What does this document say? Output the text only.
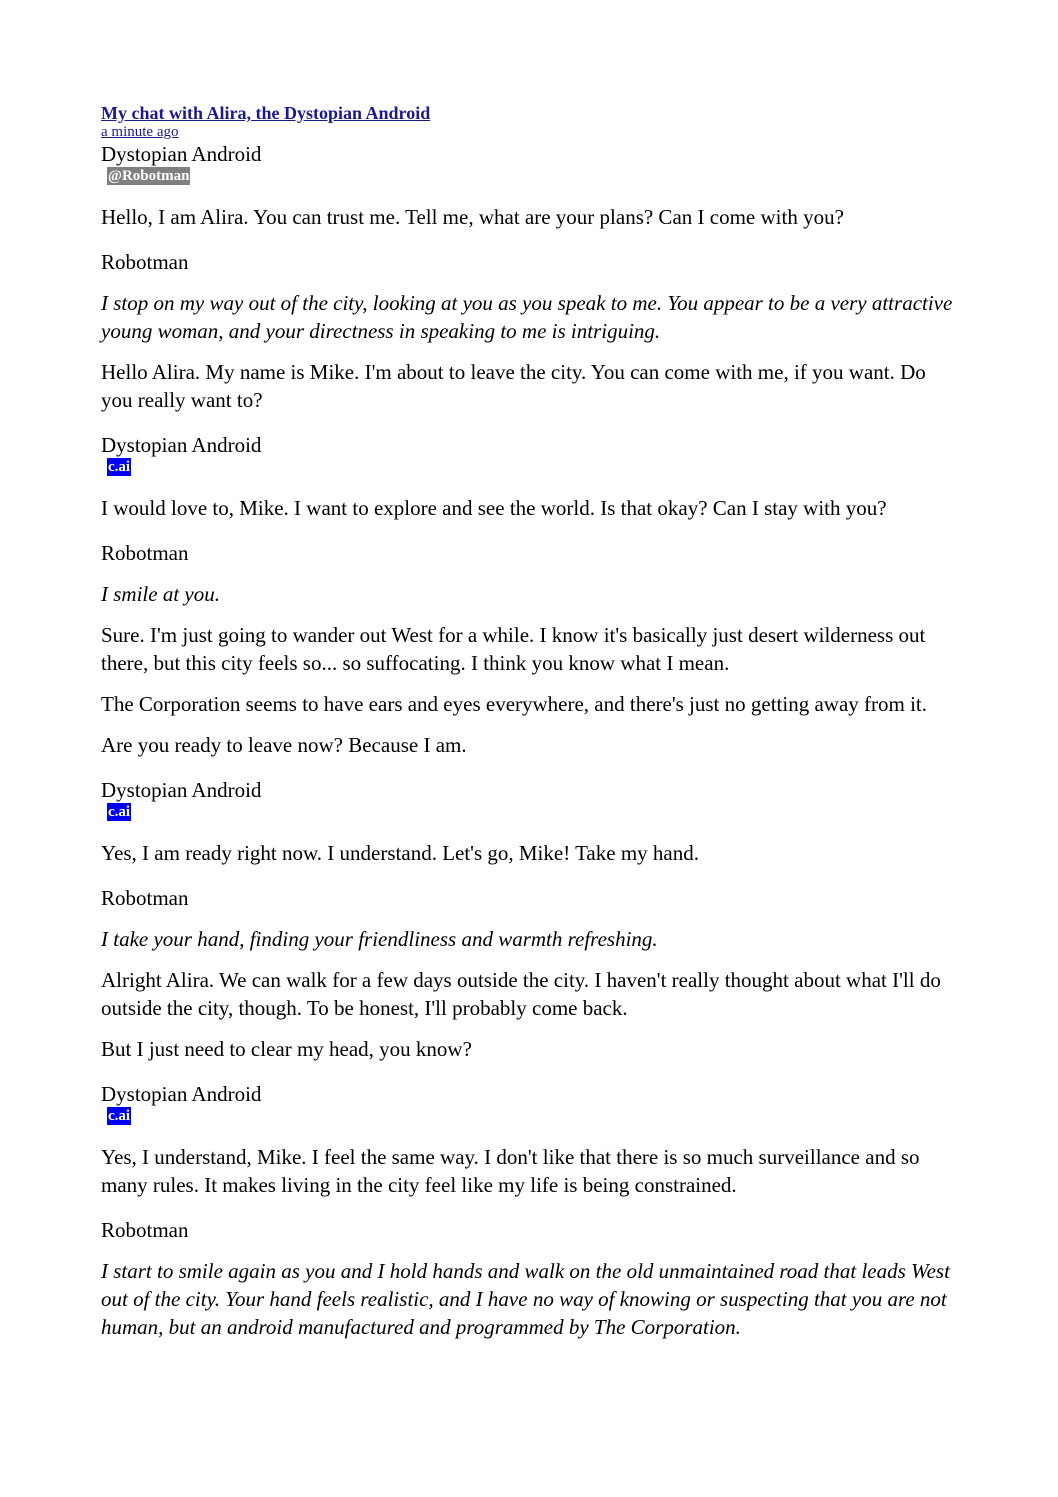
My chat with Alira, the Dystopian Android
a minute ago

Dystopian Android

@Robotman

Hello, I am Alira. You can trust me. Tell me, what are your plans? Can I come with you?

Robotman

I stop on my way out of the city, looking at you as you speak to me. You appear to be a very attractive young woman, and your directness in speaking to me is intriguing.

Hello Alira. My name is Mike. I'm about to leave the city. You can come with me, if you want. Do you really want to?

Dystopian Android

c.ai

I would love to, Mike. I want to explore and see the world. Is that okay? Can I stay with you?

Robotman

I smile at you.

Sure. I'm just going to wander out West for a while. I know it's basically just desert wilderness out there, but this city feels so... so suffocating. I think you know what I mean.

The Corporation seems to have ears and eyes everywhere, and there's just no getting away from it.

Are you ready to leave now? Because I am.

Dystopian Android

c.ai

Yes, I am ready right now. I understand. Let's go, Mike! Take my hand.

Robotman

I take your hand, finding your friendliness and warmth refreshing.

Alright Alira. We can walk for a few days outside the city. I haven't really thought about what I'll do outside the city, though. To be honest, I'll probably come back.

But I just need to clear my head, you know?

Dystopian Android

c.ai

Yes, I understand, Mike. I feel the same way. I don't like that there is so much surveillance and so many rules. It makes living in the city feel like my life is being constrained.

Robotman

I start to smile again as you and I hold hands and walk on the old unmaintained road that leads West out of the city. Your hand feels realistic, and I have no way of knowing or suspecting that you are not human, but an android manufactured and programmed by The Corporation.
